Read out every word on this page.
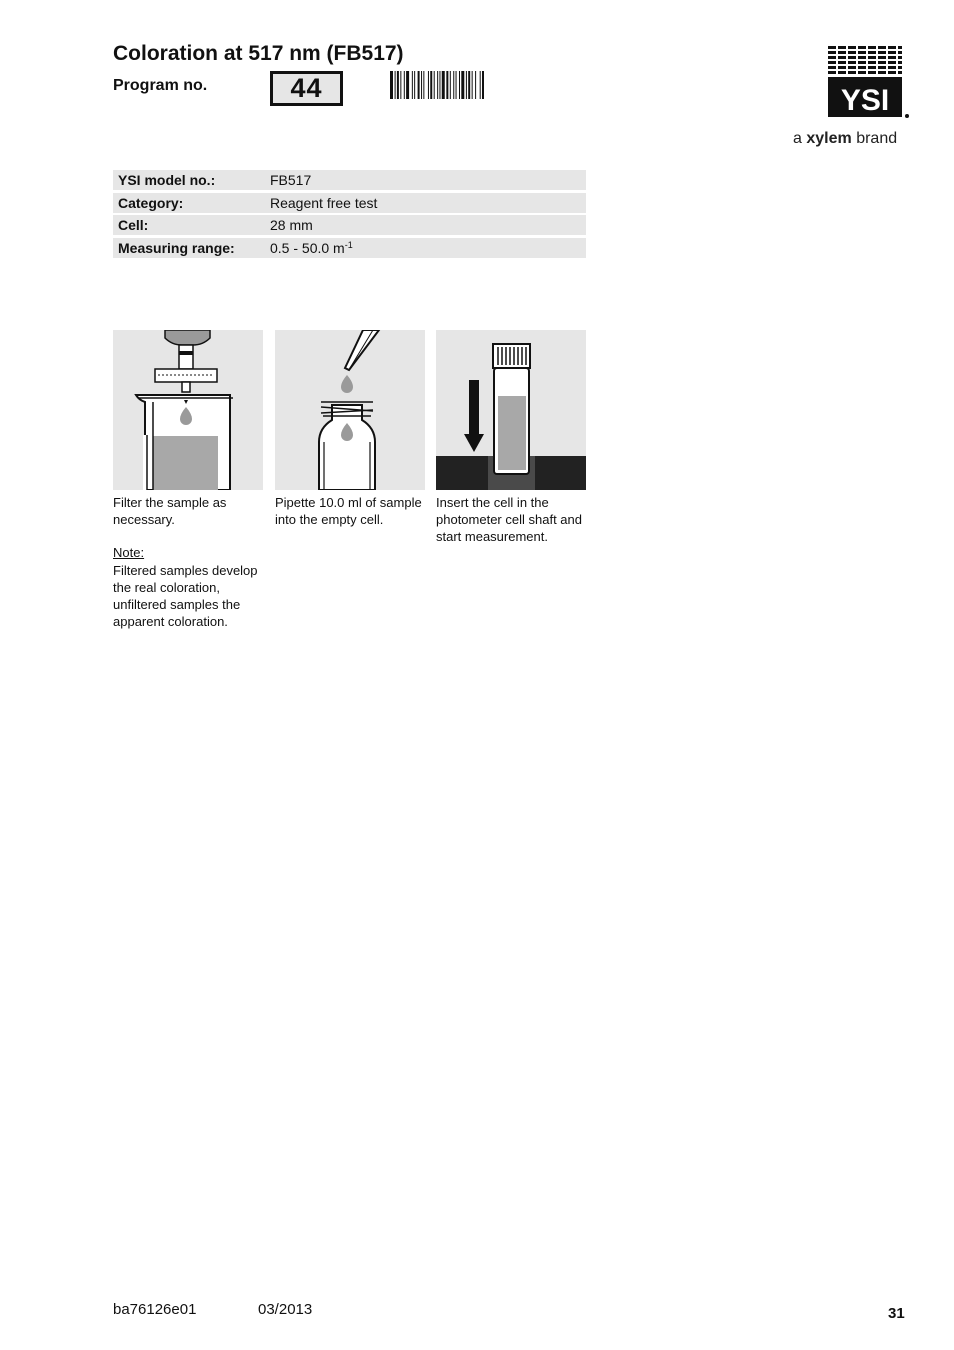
Coloration at 517 nm (FB517)
Program no.	44	YSI
a xylem brand
YSI model no.:	FB517
Category:	Reagent free test
Cell:	28 mm
Measuring range:	0.5 - 50.0 $m^{-1}$
Filter the sample as necessary.
Pipette 10.0 ml of sample into the empty cell.
Insert the cell in the photometer cell shaft and start measurement.
Note:
Filtered samples develop the real coloration, unfiltered samples the apparent coloration.
ba76126e01	03/2013	31
